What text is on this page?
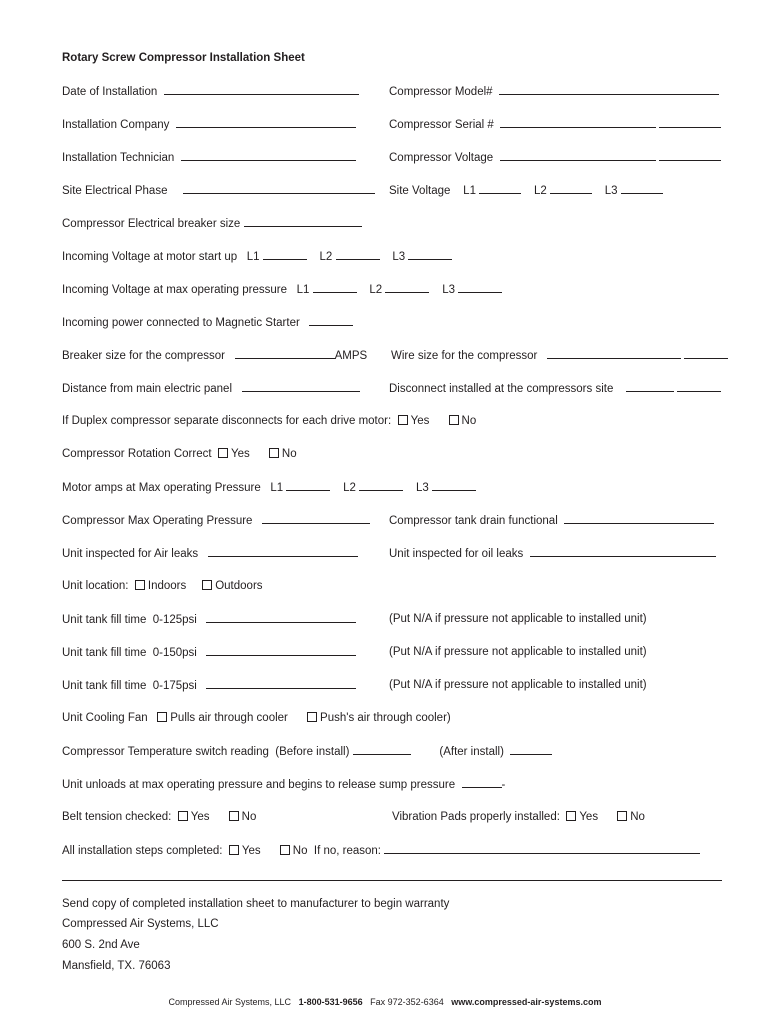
Rotary Screw Compressor Installation Sheet
Date of Installation	Compressor Model#
Installation Company	Compressor Serial #
Installation Technician	Compressor Voltage
Site Electrical Phase	Site Voltage L1	L2	L3
Compressor Electrical breaker size
Incoming Voltage at motor start up L1	L2	L3
Incoming Voltage at max operating pressure L1	L2	L3
Incoming power connected to Magnetic Starter
Breaker size for the compressor	AMPS Wire size for the compressor
Distance from main electric panel	Disconnect installed at the compressors site
If Duplex compressor separate disconnects for each drive motor: Yes	No
Compressor Rotation Correct Yes	No
Motor amps at Max operating Pressure L1	L2	L3
Compressor Max Operating Pressure	Compressor tank drain functional
Unit inspected for Air leaks	Unit inspected for oil leaks
Unit location: Indoors	Outdoors
Unit tank fill time  0-125psi	(Put N/A if pressure not applicable to installed unit)
Unit tank fill time  0-150psi	(Put N/A if pressure not applicable to installed unit)
Unit tank fill time  0-175psi	(Put N/A if pressure not applicable to installed unit)
Unit Cooling Fan Pulls air through cooler	Push's air through cooler)
Compressor Temperature switch reading  (Before install)	(After install)
Unit unloads at max operating pressure and begins to release sump pressure	-
Belt tension checked: Yes	No	Vibration Pads properly installed: Yes	No
All installation steps completed: Yes	No  If no, reason:
Send copy of completed installation sheet to manufacturer to begin warranty
Compressed Air Systems, LLC
600 S. 2nd Ave
Mansfield, TX. 76063
Compressed Air Systems, LLC 1-800-531-9656 Fax 972-352-6364 www.compressed-air-systems.com
